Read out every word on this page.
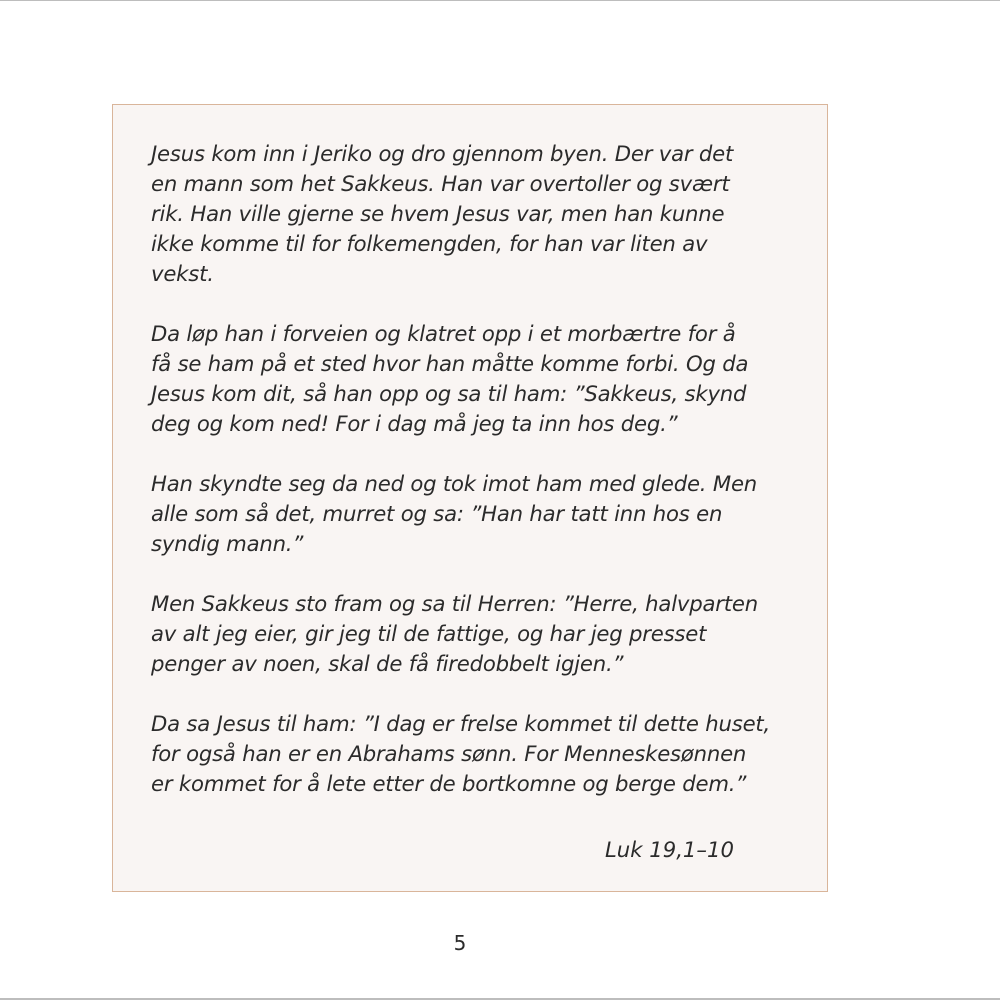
Jesus kom inn i Jeriko og dro gjennom byen. Der var det
en mann som het Sakkeus. Han var overtoller og svært
rik. Han ville gjerne se hvem Jesus var, men han kunne
ikke komme til for folkemengden, for han var liten av
vekst.

Da løp han i forveien og klatret opp i et morbærtre for å
få se ham på et sted hvor han måtte komme forbi. Og da
Jesus kom dit, så han opp og sa til ham: ”Sakkeus, skynd
deg og kom ned! For i dag må jeg ta inn hos deg.”

Han skyndte seg da ned og tok imot ham med glede. Men
alle som så det, murret og sa: ”Han har tatt inn hos en
syndig mann.”

Men Sakkeus sto fram og sa til Herren: ”Herre, halvparten
av alt jeg eier, gir jeg til de fattige, og har jeg presset
penger av noen, skal de få firedobbelt igjen.”

Da sa Jesus til ham: ”I dag er frelse kommet til dette huset,
for også han er en Abrahams sønn. For Menneskesønnen
er kommet for å lete etter de bortkomne og berge dem.”

Luk 19,1–10
5
